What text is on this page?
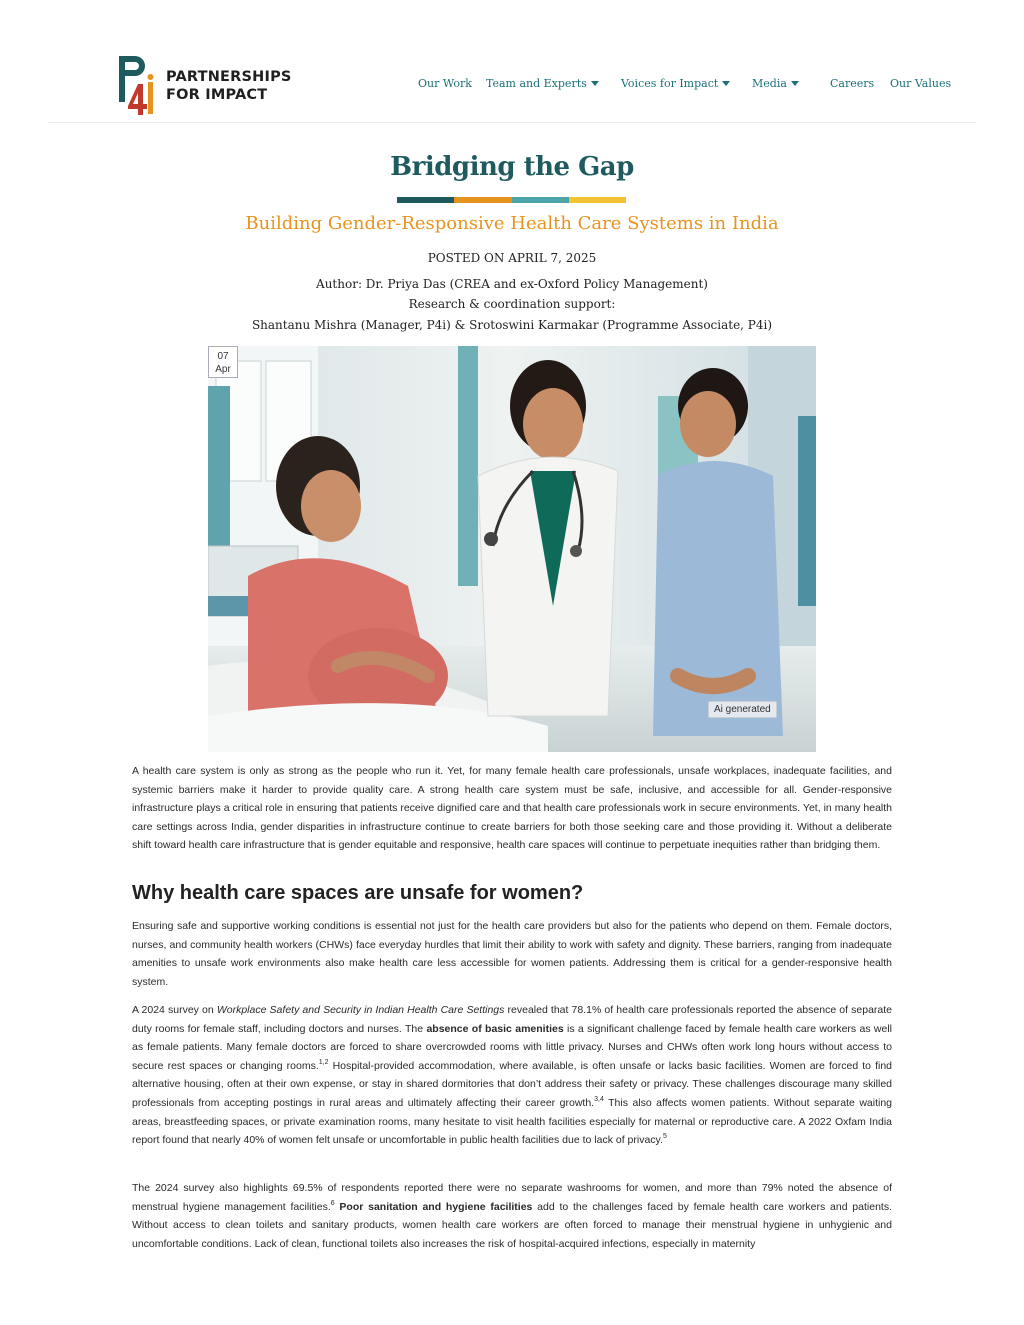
PARTNERSHIPS
FOR IMPACT
Our Work Team and Experts	Voices for Impact	Media	Careers Our Values
Bridging the Gap
Building Gender-Responsive Health Care Systems in India
POSTED ON APRIL 7, 2025
Author: Dr. Priya Das (CREA and ex-Oxford Policy Management)
Research & coordination support:
Shantanu Mishra (Manager, P4i) & Srotoswini Karmakar (Programme Associate, P4i)
07
Apr
Ai generated
A health care system is only as strong as the people who run it. Yet, for many female health care professionals, unsafe workplaces, inadequate facilities, and systemic barriers make it harder to provide quality care. A strong health care system must be safe, inclusive, and accessible for all. Gender-responsive infrastructure plays a critical role in ensuring that patients receive dignified care and that health care professionals work in secure environments. Yet, in many health care settings across India, gender disparities in infrastructure continue to create barriers for both those seeking care and those providing it. Without a deliberate shift toward health care infrastructure that is gender equitable and responsive, health care spaces will continue to perpetuate inequities rather than bridging them.
Why health care spaces are unsafe for women?
Ensuring safe and supportive working conditions is essential not just for the health care providers but also for the patients who depend on them. Female doctors, nurses, and community health workers (CHWs) face everyday hurdles that limit their ability to work with safety and dignity. These barriers, ranging from inadequate amenities to unsafe work environments also make health care less accessible for women patients. Addressing them is critical for a gender-responsive health system.
A 2024 survey on Workplace Safety and Security in Indian Health Care Settings revealed that 78.1% of health care professionals reported the absence of separate duty rooms for female staff, including doctors and nurses. The absence of basic amenities is a significant challenge faced by female health care workers as well as female patients. Many female doctors are forced to share overcrowded rooms with little privacy. Nurses and CHWs often work long hours without access to secure rest spaces or changing rooms.$^{1,2}$ Hospital-provided accommodation, where available, is often unsafe or lacks basic facilities. Women are forced to find alternative housing, often at their own expense, or stay in shared dormitories that don’t address their safety or privacy. These challenges discourage many skilled professionals from accepting postings in rural areas and ultimately affecting their career growth.$^{3,4}$ This also affects women patients. Without separate waiting areas, breastfeeding spaces, or private examination rooms, many hesitate to visit health facilities especially for maternal or reproductive care. A 2022 Oxfam India report found that nearly 40% of women felt unsafe or uncomfortable in public health facilities due to lack of privacy.$^5$
The 2024 survey also highlights 69.5% of respondents reported there were no separate washrooms for women, and more than 79% noted the absence of menstrual hygiene management facilities.$^6$ Poor sanitation and hygiene facilities add to the challenges faced by female health care workers and patients. Without access to clean toilets and sanitary products, women health care workers are often forced to manage their menstrual hygiene in unhygienic and uncomfortable conditions. Lack of clean, functional toilets also increases the risk of hospital-acquired infections, especially in maternity
